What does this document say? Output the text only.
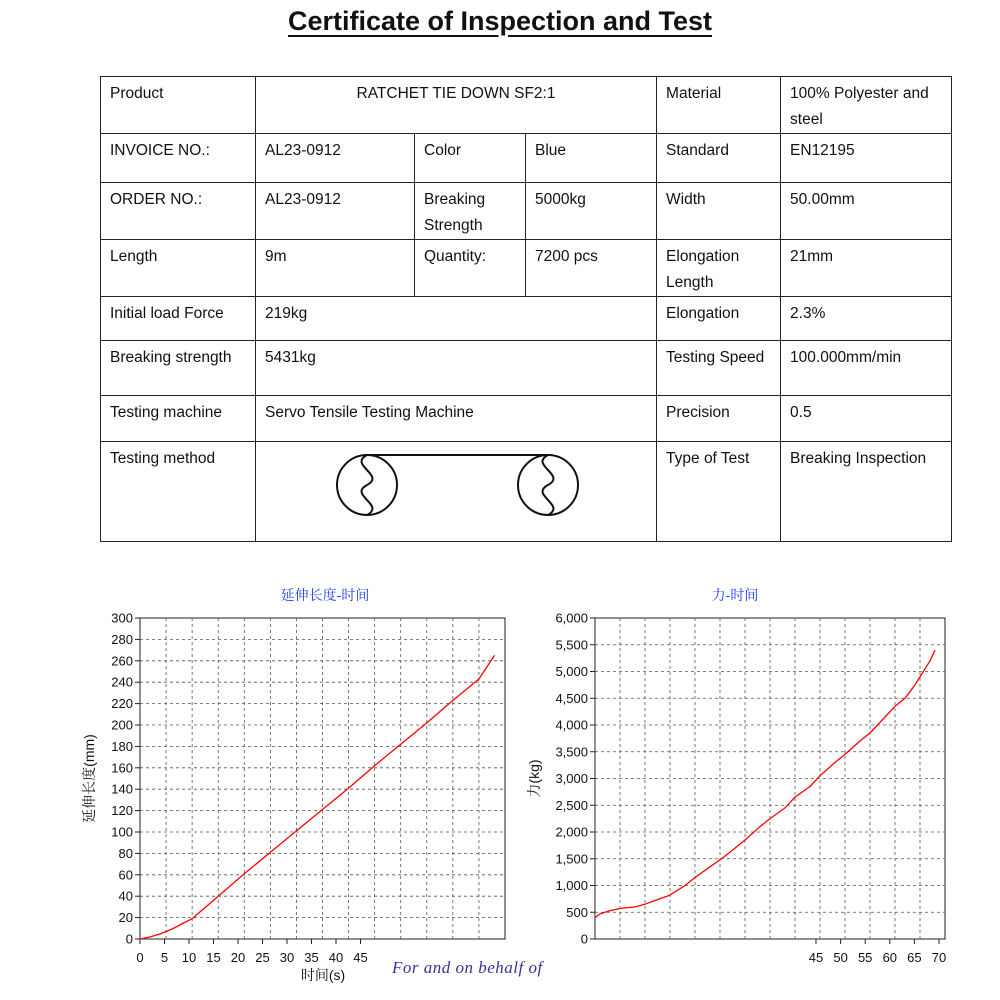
Certificate of Inspection and Test
Product	RATCHET TIE DOWN SF2:1			Material	100% Polyester and steel
INVOICE NO.:	AL23-0912	Color	Blue	Standard	EN12195
ORDER NO.:	AL23-0912	Breaking Strength	5000kg	Width	50.00mm
Length	9m	Quantity:	7200 pcs	Elongation Length	21mm
Initial load Force	219kg			Elongation	2.3%
Breaking strength	5431kg			Testing Speed	100.000mm/min
Testing machine	Servo Tensile Testing Machine			Precision	0.5
Testing method				Type of Test	Breaking Inspection
延伸长度-时间
0
20
40
60
80
100
120
140
160
180
200
220
240
260
280
300
0 5 10 15 20 25 30 35 40 45
时间(s)
延伸长度(mm)
力-时间
0
500
1,000
1,500
2,000
2,500
3,000
3,500
4,000
4,500
5,000
5,500
6,000
45 50 55 60 65 70
力(kg)
For and on behalf of
